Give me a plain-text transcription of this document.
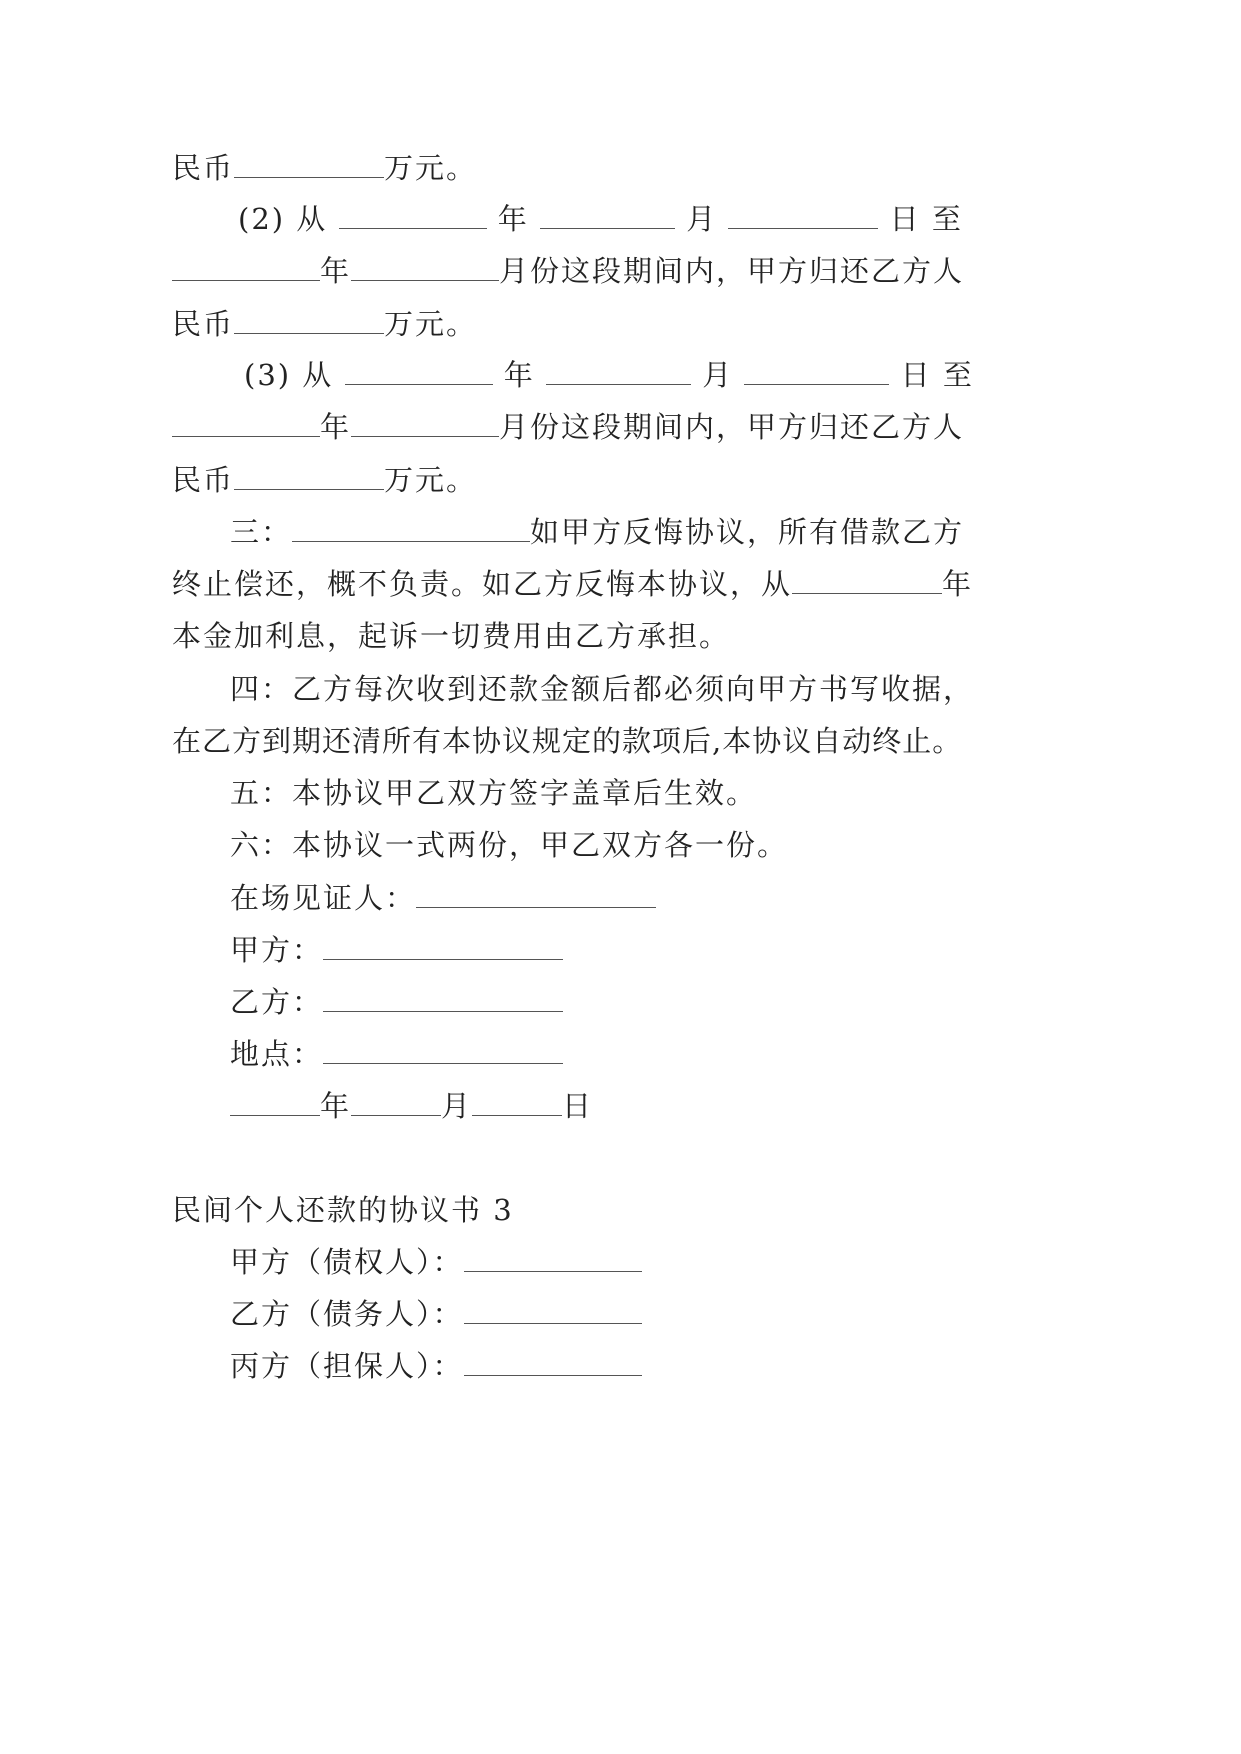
民币	万元。
(2) 从	年	月	日 至
年	月份这段期间内，甲方归还乙方人
民币	万元。
(3) 从	年	月	日 至
年	月份这段期间内，甲方归还乙方人
民币	万元。
三：	如甲方反悔协议，所有借款乙方
终止偿还，概不负责。如乙方反悔本协议，从	年
本金加利息，起诉一切费用由乙方承担。
四：乙方每次收到还款金额后都必须向甲方书写收据，
在乙方到期还清所有本协议规定的款项后,本协议自动终止。
五：本协议甲乙双方签字盖章后生效。
六：本协议一式两份，甲乙双方各一份。
在场见证人：
甲方：
乙方：
地点：
年	月	日
民间个人还款的协议书 3
甲方（债权人）：
乙方（债务人）：
丙方（担保人）：
